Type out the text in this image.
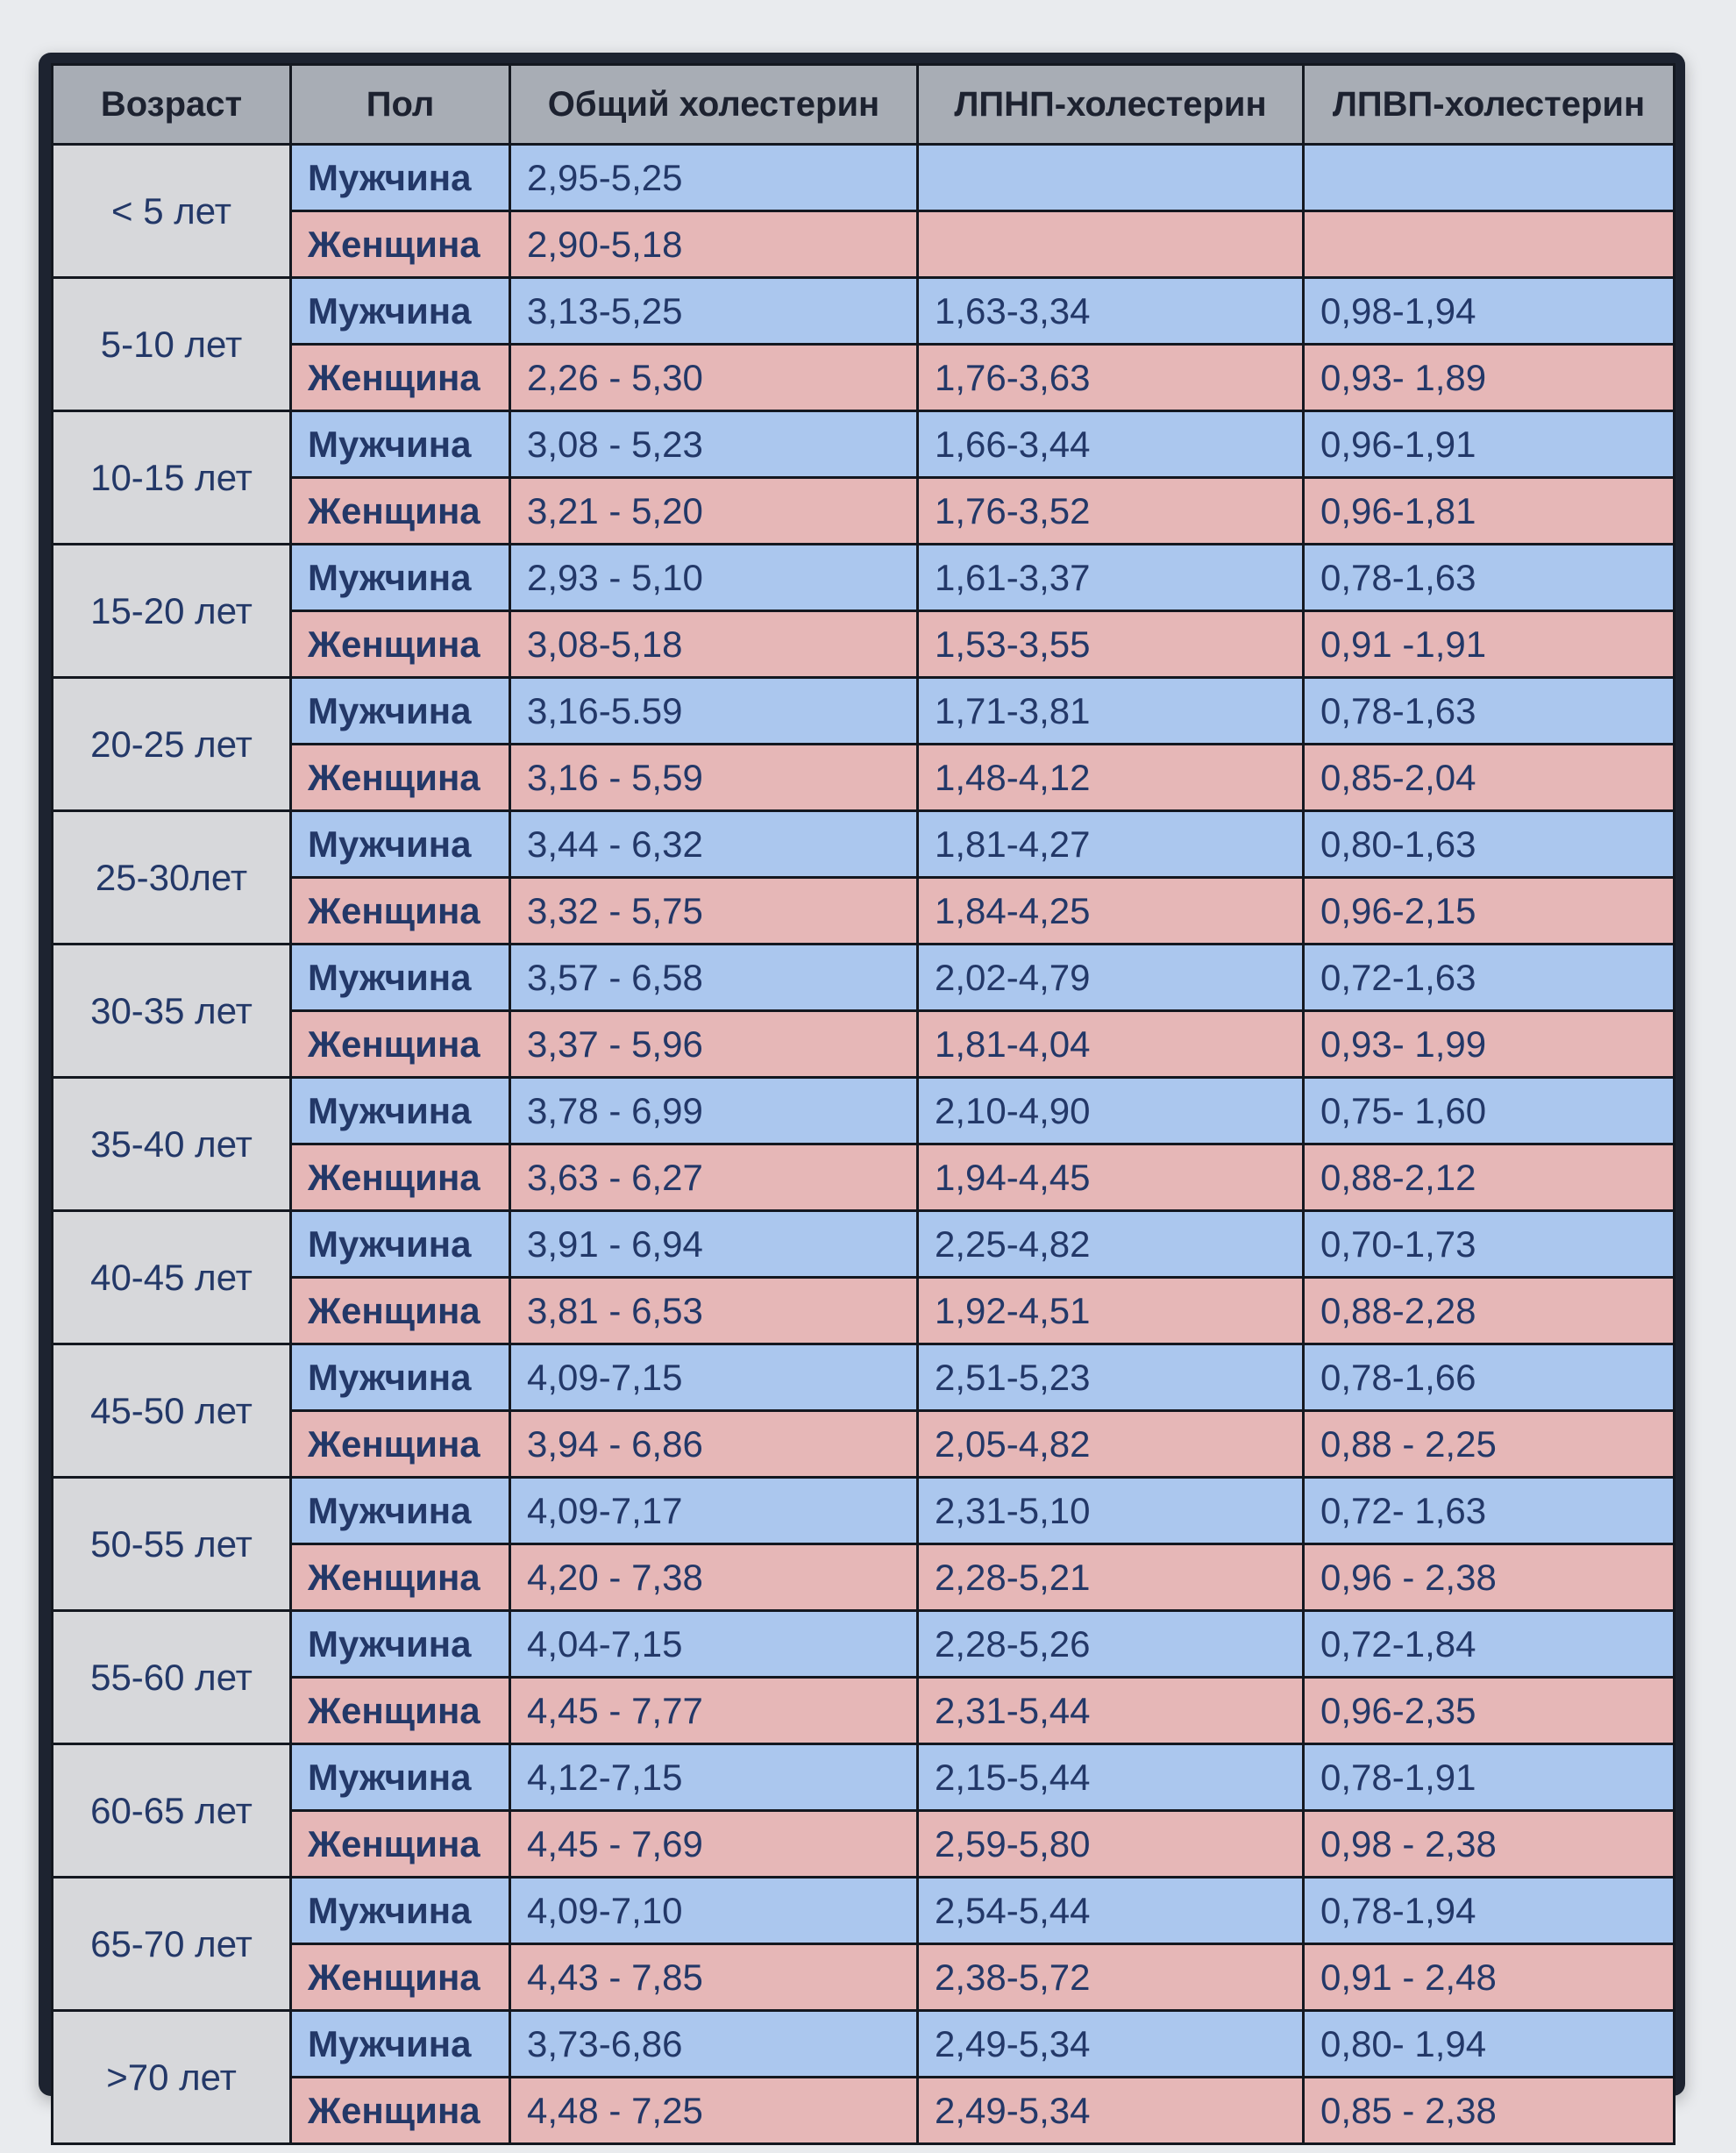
Возраст	Пол	Общий холестерин	ЛПНП-холестерин	ЛПВП-холестерин
< 5 лет	Мужчина	2,95-5,25		
	Женщина	2,90-5,18		
5-10 лет	Мужчина	3,13-5,25	1,63-3,34	0,98-1,94
	Женщина	2,26 - 5,30	1,76-3,63	0,93- 1,89
10-15 лет	Мужчина	3,08 - 5,23	1,66-3,44	0,96-1,91
	Женщина	3,21 - 5,20	1,76-3,52	0,96-1,81
15-20 лет	Мужчина	2,93 - 5,10	1,61-3,37	0,78-1,63
	Женщина	3,08-5,18	1,53-3,55	0,91 -1,91
20-25 лет	Мужчина	3,16-5.59	1,71-3,81	0,78-1,63
	Женщина	3,16 - 5,59	1,48-4,12	0,85-2,04
25-30лет	Мужчина	3,44 - 6,32	1,81-4,27	0,80-1,63
	Женщина	3,32 - 5,75	1,84-4,25	0,96-2,15
30-35 лет	Мужчина	3,57 - 6,58	2,02-4,79	0,72-1,63
	Женщина	3,37 - 5,96	1,81-4,04	0,93- 1,99
35-40 лет	Мужчина	3,78 - 6,99	2,10-4,90	0,75- 1,60
	Женщина	3,63 - 6,27	1,94-4,45	0,88-2,12
40-45 лет	Мужчина	3,91 - 6,94	2,25-4,82	0,70-1,73
	Женщина	3,81 - 6,53	1,92-4,51	0,88-2,28
45-50 лет	Мужчина	4,09-7,15	2,51-5,23	0,78-1,66
	Женщина	3,94 - 6,86	2,05-4,82	0,88 - 2,25
50-55 лет	Мужчина	4,09-7,17	2,31-5,10	0,72- 1,63
	Женщина	4,20 - 7,38	2,28-5,21	0,96 - 2,38
55-60 лет	Мужчина	4,04-7,15	2,28-5,26	0,72-1,84
	Женщина	4,45 - 7,77	2,31-5,44	0,96-2,35
60-65 лет	Мужчина	4,12-7,15	2,15-5,44	0,78-1,91
	Женщина	4,45 - 7,69	2,59-5,80	0,98 - 2,38
65-70 лет	Мужчина	4,09-7,10	2,54-5,44	0,78-1,94
	Женщина	4,43 - 7,85	2,38-5,72	0,91 - 2,48
>70 лет	Мужчина	3,73-6,86	2,49-5,34	0,80- 1,94
	Женщина	4,48 - 7,25	2,49-5,34	0,85 - 2,38
